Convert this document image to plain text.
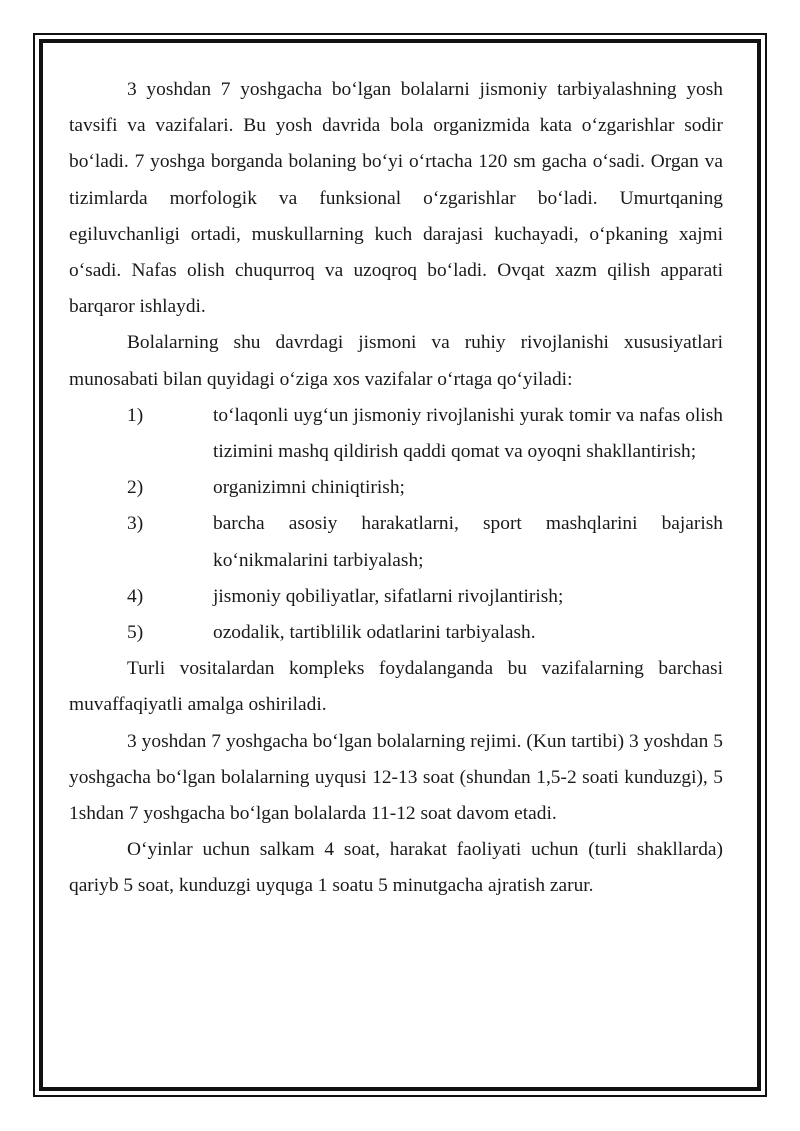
3 yoshdan 7 yoshgacha bo‘lgan bolalarni jismoniy tarbiyalashning yosh tavsifi va vazifalari. Bu yosh davrida bola organizmida kata o‘zgarishlar sodir bo‘ladi. 7 yoshga borganda bolaning bo‘yi o‘rtacha 120 sm gacha o‘sadi. Organ va tizimlarda morfologik va funksional o‘zgarishlar bo‘ladi. Umurtqaning egiluvchanligi ortadi, muskullarning kuch darajasi kuchayadi, o‘pkaning xajmi o‘sadi. Nafas olish chuqurroq va uzoqroq bo‘ladi. Ovqat xazm qilish apparati barqaror ishlaydi.

Bolalarning shu davrdagi jismoni va ruhiy rivojlanishi xususiyatlari munosabati bilan quyidagi o‘ziga xos vazifalar o‘rtaga qo‘yiladi:

1)	to‘laqonli uyg‘un jismoniy rivojlanishi yurak tomir va nafas olish tizimini mashq qildirish qaddi qomat va oyoqni shakllantirish;
2)	organizimni chiniqtirish;
3)	barcha asosiy harakatlarni, sport mashqlarini bajarish ko‘nikmalarini tarbiyalash;
4)	jismoniy qobiliyatlar, sifatlarni rivojlantirish;
5)	ozodalik, tartiblilik odatlarini tarbiyalash.

Turli vositalardan kompleks foydalanganda bu vazifalarning barchasi muvaffaqiyatli amalga oshiriladi.

3 yoshdan 7 yoshgacha bo‘lgan bolalarning rejimi. (Kun tartibi) 3 yoshdan 5 yoshgacha bo‘lgan bolalarning uyqusi 12-13 soat (shundan 1,5-2 soati kunduzgi), 5 1shdan 7 yoshgacha bo‘lgan bolalarda 11-12 soat davom etadi.

O‘yinlar uchun salkam 4 soat, harakat faoliyati uchun (turli shakllarda) qariyb 5 soat, kunduzgi uyquga 1 soatu 5 minutgacha ajratish zarur.
